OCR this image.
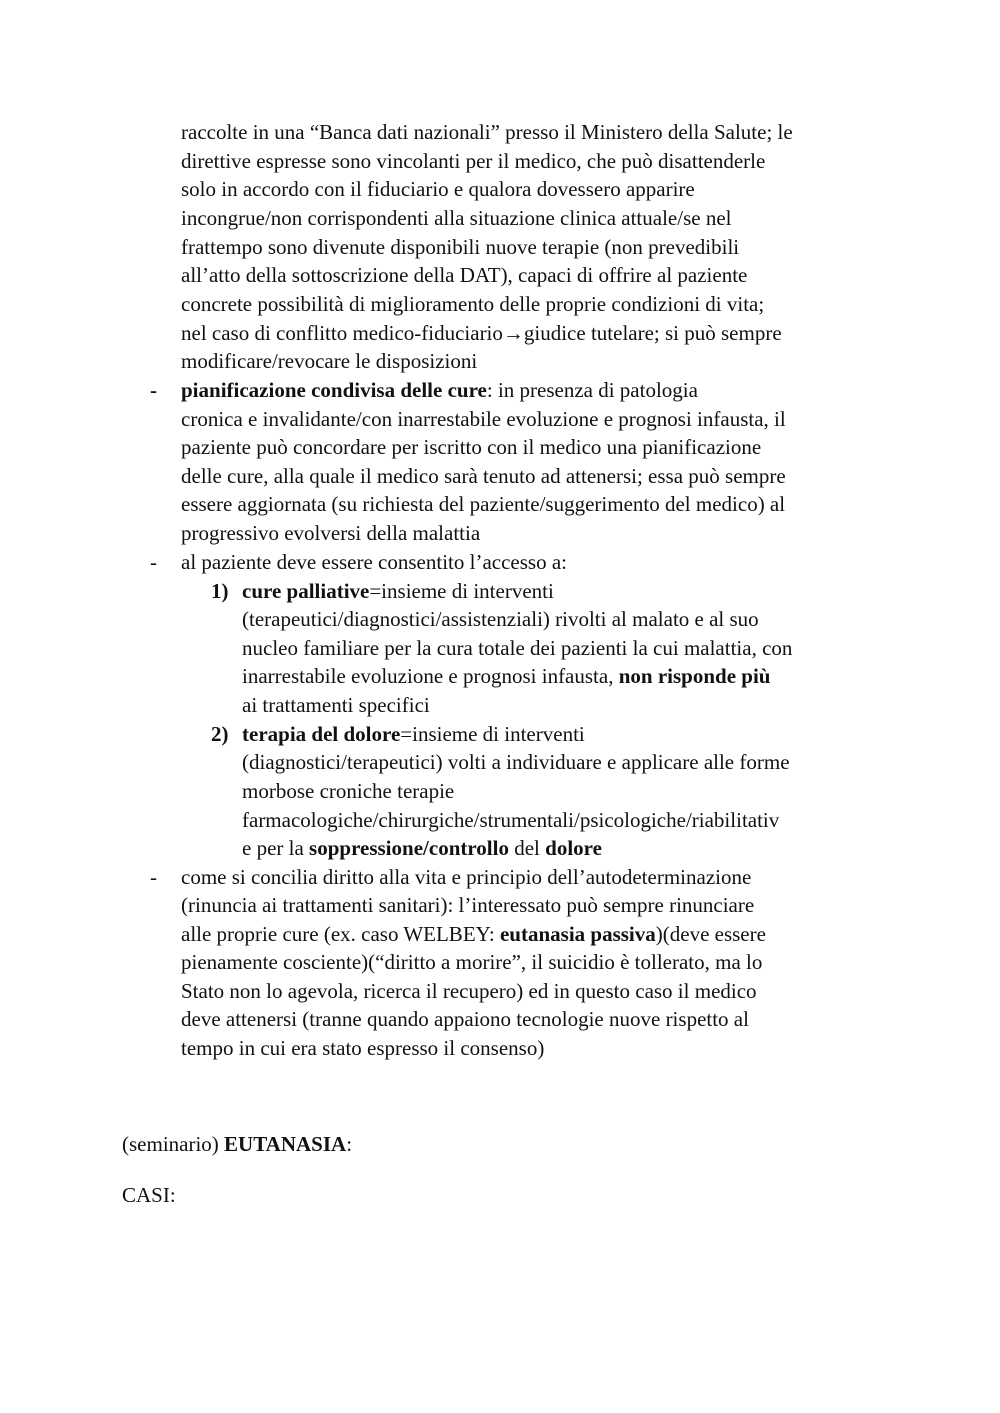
raccolte in una “Banca dati nazionali” presso il Ministero della Salute; le
direttive espresse sono vincolanti per il medico, che può disattenderle
solo in accordo con il fiduciario e qualora dovessero apparire
incongrue/non corrispondenti alla situazione clinica attuale/se nel
frattempo sono divenute disponibili nuove terapie (non prevedibili
all’atto della sottoscrizione della DAT), capaci di offrire al paziente
concrete possibilità di miglioramento delle proprie condizioni di vita;
nel caso di conflitto medico-fiduciario→giudice tutelare; si può sempre
modificare/revocare le disposizioni
- pianificazione condivisa delle cure: in presenza di patologia
cronica e invalidante/con inarrestabile evoluzione e prognosi infausta, il
paziente può concordare per iscritto con il medico una pianificazione
delle cure, alla quale il medico sarà tenuto ad attenersi; essa può sempre
essere aggiornata (su richiesta del paziente/suggerimento del medico) al
progressivo evolversi della malattia
- al paziente deve essere consentito l’accesso a:
1) cure palliative=insieme di interventi
(terapeutici/diagnostici/assistenziali) rivolti al malato e al suo
nucleo familiare per la cura totale dei pazienti la cui malattia, con
inarrestabile evoluzione e prognosi infausta, non risponde più
ai trattamenti specifici
2) terapia del dolore=insieme di interventi
(diagnostici/terapeutici) volti a individuare e applicare alle forme
morbose croniche terapie
farmacologiche/chirurgiche/strumentali/psicologiche/riabilitativ
e per la soppressione/controllo del dolore
- come si concilia diritto alla vita e principio dell’autodeterminazione
(rinuncia ai trattamenti sanitari): l’interessato può sempre rinunciare
alle proprie cure (ex. caso WELBEY: eutanasia passiva)(deve essere
pienamente cosciente)(“diritto a morire”, il suicidio è tollerato, ma lo
Stato non lo agevola, ricerca il recupero) ed in questo caso il medico
deve attenersi (tranne quando appaiono tecnologie nuove rispetto al
tempo in cui era stato espresso il consenso)
(seminario) EUTANASIA:
CASI:
